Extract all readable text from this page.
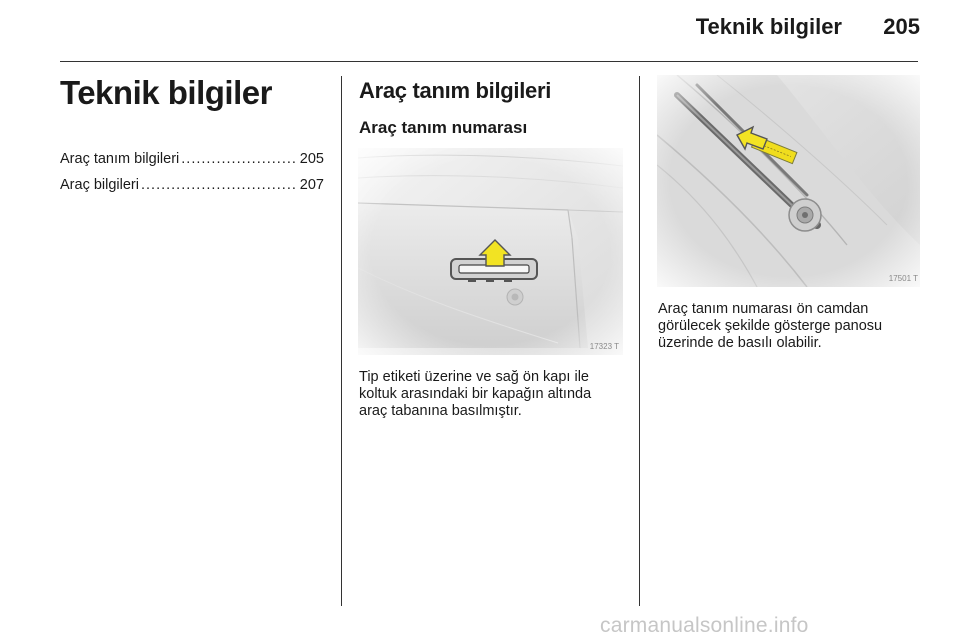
Teknik bilgiler 205
Teknik bilgiler
Araç tanım bilgileri .....	205
Araç bilgileri .....	207
Araç tanım bilgileri
Araç tanım numarası
17323 T
Tip etiketi üzerine ve sağ ön kapı ile koltuk arasındaki bir kapağın altında araç tabanına basılmıştır.
17501 T
Araç tanım numarası ön camdan görülecek şekilde gösterge panosu üzerinde de basılı olabilir.
carmanualsonline.info
